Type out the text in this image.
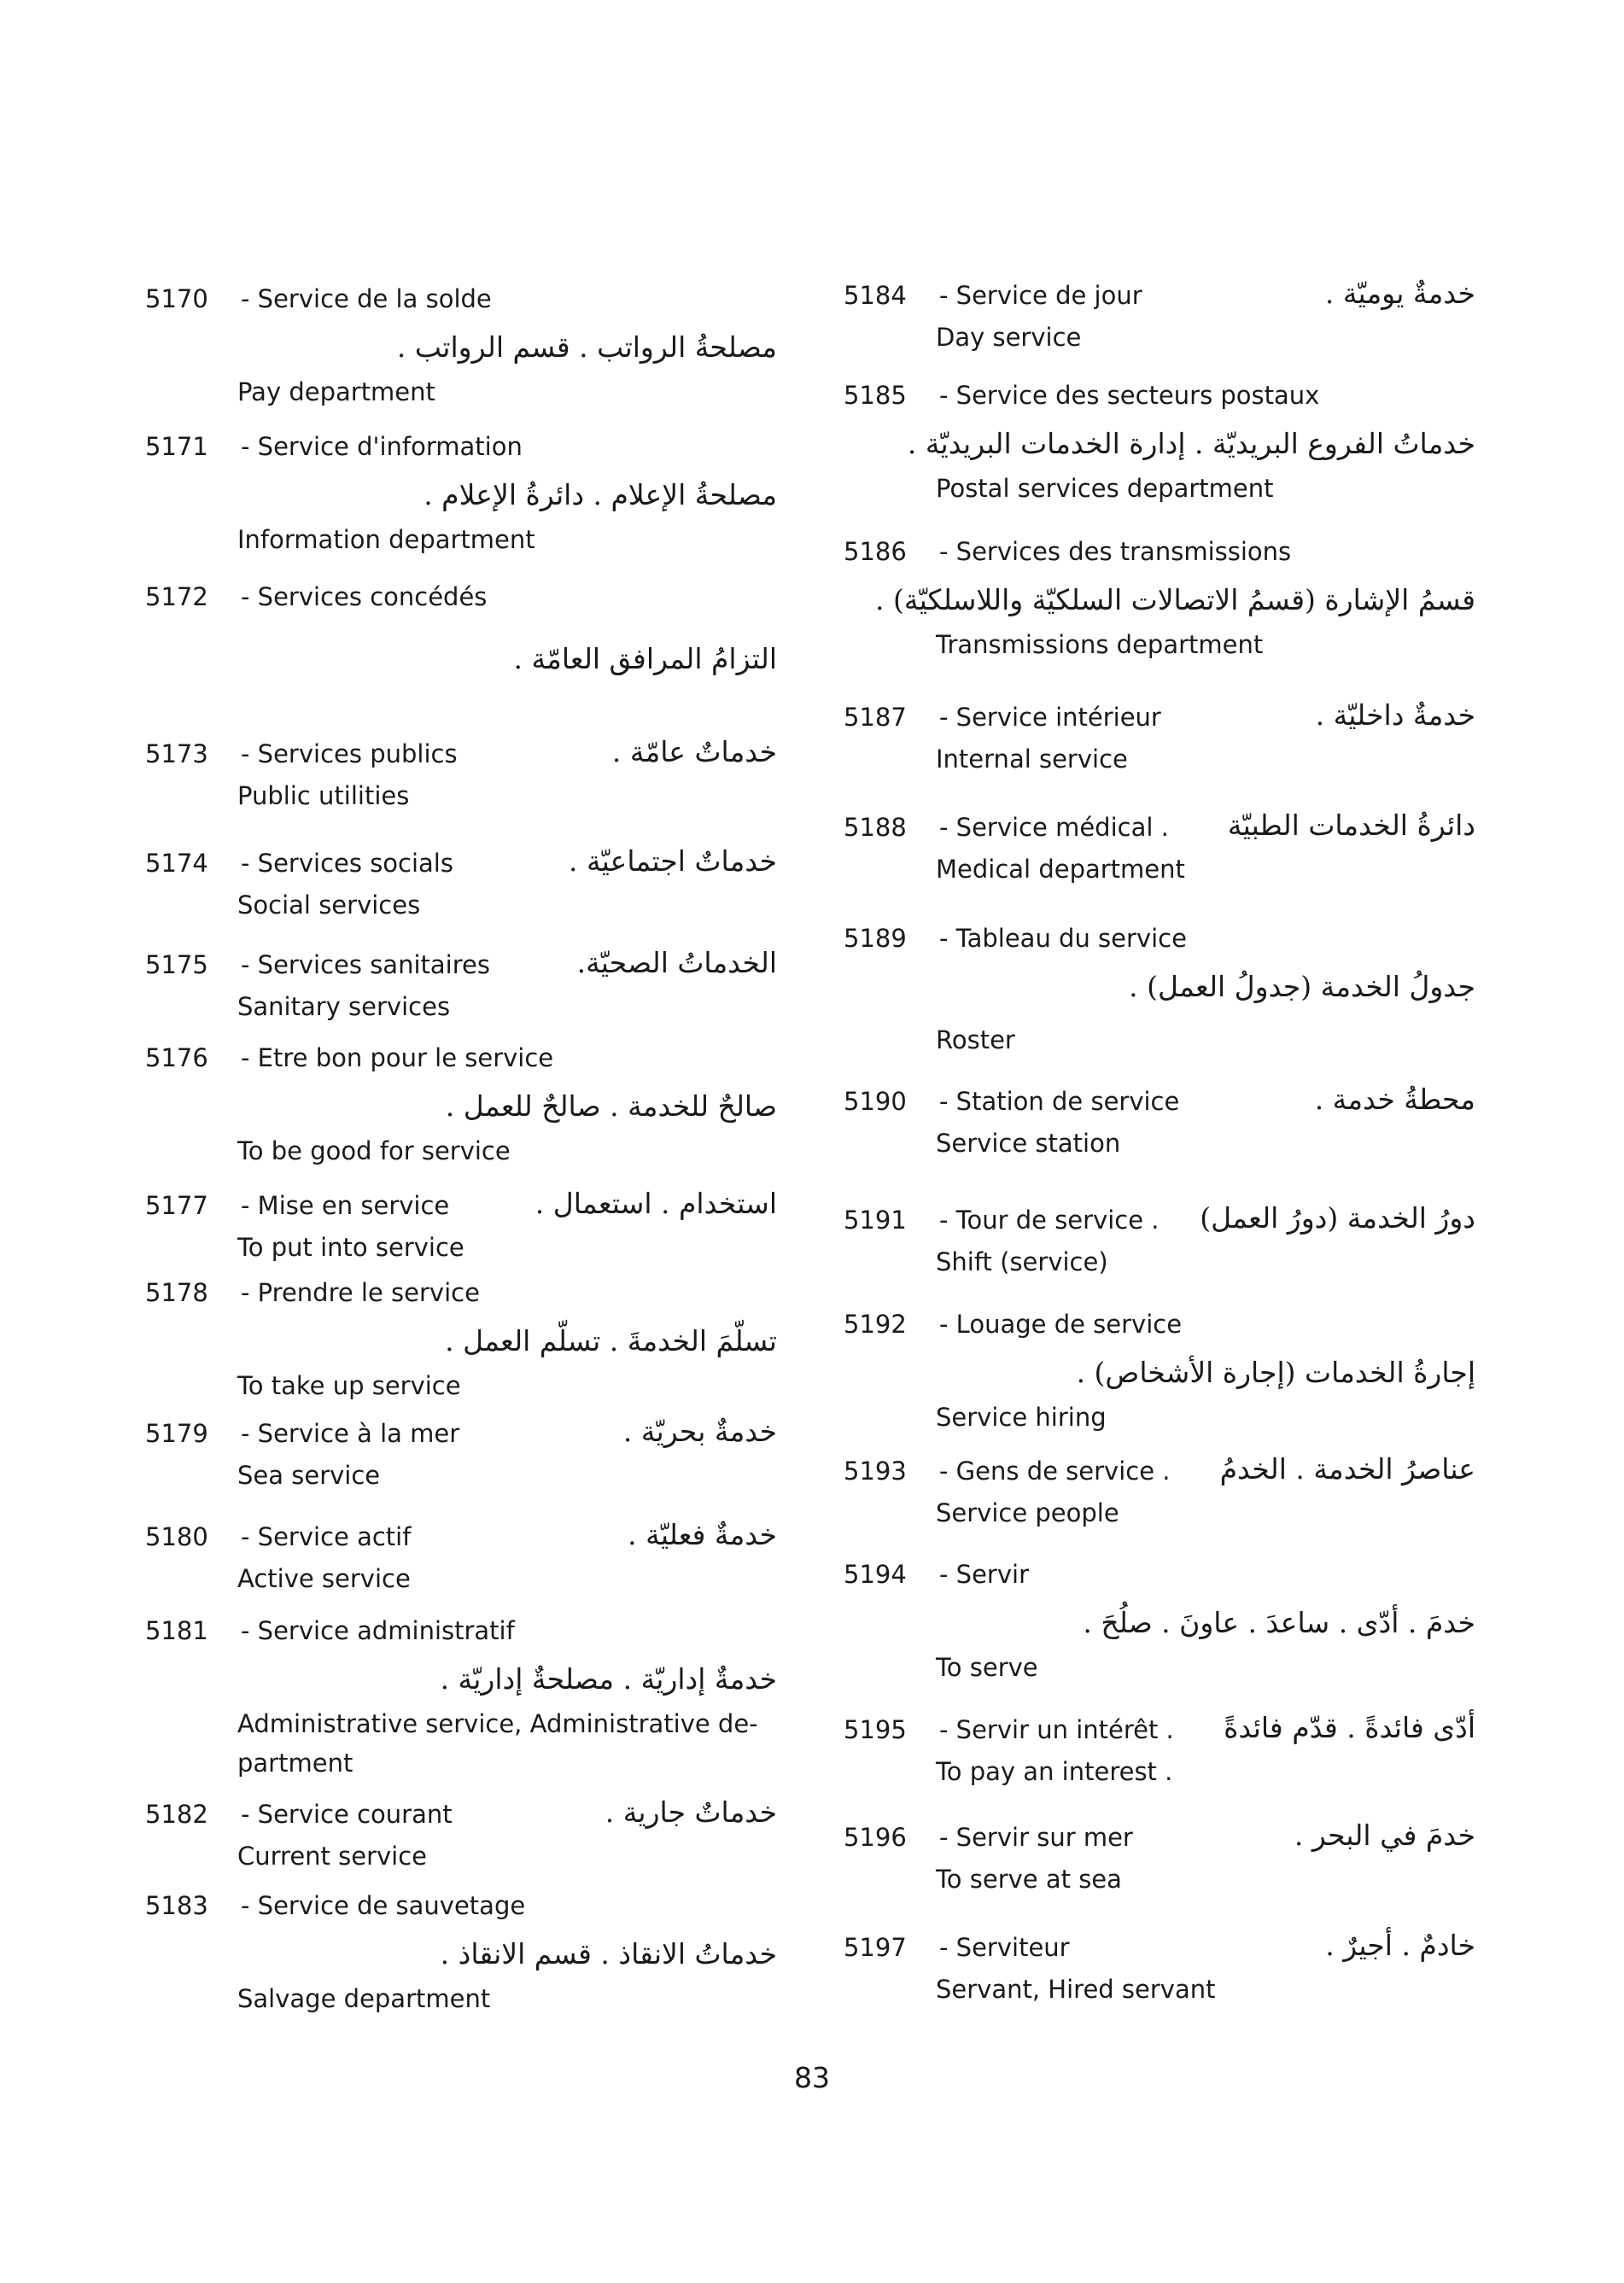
5170 - Service de la solde
مصلحةُ الرواتب . قسم الرواتب .
Pay department
5171 - Service d'information
مصلحةُ الإعلام . دائرةُ الإعلام .
Information department
5172 - Services concédés
التزامُ المرافق العامّة .
5173 - Services publics	خدماتٌ عامّة .
Public utilities
5174 - Services socials	خدماتٌ اجتماعيّة .
Social services
5175 - Services sanitaires	الخدماتُ الصحيّة.
Sanitary services
5176 - Etre bon pour le service
صالحٌ للخدمة . صالحٌ للعمل .
To be good for service
5177 - Mise en service	استخدام . استعمال .
To put into service
5178 - Prendre le service
تسلّمَ الخدمةَ . تسلّم العمل .
To take up service
5179 - Service à la mer	خدمةٌ بحريّة .
Sea service
5180 - Service actif	خدمةٌ فعليّة .
Active service
5181 - Service administratif
خدمةٌ إداريّة . مصلحةٌ إداريّة .
Administrative service, Administrative de-
partment
5182 - Service courant	خدماتٌ جارية .
Current service
5183 - Service de sauvetage
خدماتُ الانقاذ . قسم الانقاذ .
Salvage department
5184 - Service de jour	خدمةٌ يوميّة .
Day service
5185 - Service des secteurs postaux
خدماتُ الفروع البريديّة . إدارة الخدمات البريديّة .
Postal services department
5186 - Services des transmissions
قسمُ الإشارة (قسمُ الاتصالات السلكيّة واللاسلكيّة) .
Transmissions department
5187 - Service intérieur	خدمةٌ داخليّة .
Internal service
5188 - Service médical . دائرةُ الخدمات الطبيّة
Medical department
5189 - Tableau du service
جدولُ الخدمة (جدولُ العمل) .
Roster
5190 - Station de service	محطةُ خدمة .
Service station
5191 - Tour de service . دورُ الخدمة (دورُ العمل)
Shift (service)
5192 - Louage de service
إجارةُ الخدمات (إجارة الأشخاص) .
Service hiring
5193 - Gens de service . عناصرُ الخدمة . الخدمُ
Service people
5194 - Servir
خدمَ . أدّى . ساعدَ . عاونَ . صلُحَ .
To serve
5195 - Servir un intérêt . أدّى فائدةً . قدّم فائدةً
To pay an interest .
5196 - Servir sur mer	خدمَ في البحر .
To serve at sea
5197 - Serviteur	خادمٌ . أجيرٌ .
Servant, Hired servant
83
